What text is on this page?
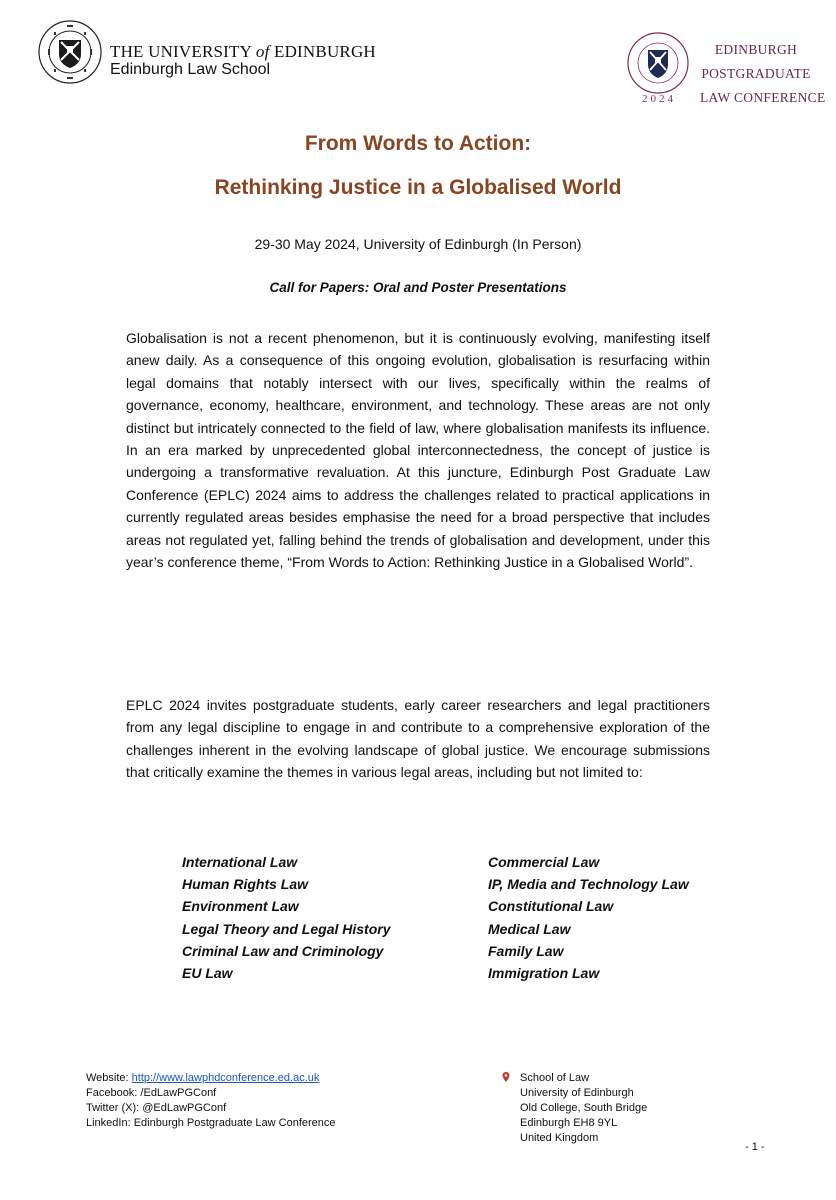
THE UNIVERSITY of EDINBURGH
Edinburgh Law School
2024
EDINBURGH
POSTGRADUATE
LAW CONFERENCE
From Words to Action:
Rethinking Justice in a Globalised World
29-30 May 2024, University of Edinburgh (In Person)
Call for Papers: Oral and Poster Presentations
Globalisation is not a recent phenomenon, but it is continuously evolving, manifesting itself anew daily. As a consequence of this ongoing evolution, globalisation is resurfacing within legal domains that notably intersect with our lives, specifically within the realms of governance, economy, healthcare, environment, and technology. These areas are not only distinct but intricately connected to the field of law, where globalisation manifests its influence. In an era marked by unprecedented global interconnectedness, the concept of justice is undergoing a transformative revaluation. At this juncture, Edinburgh Post Graduate Law Conference (EPLC) 2024 aims to address the challenges related to practical applications in currently regulated areas besides emphasise the need for a broad perspective that includes areas not regulated yet, falling behind the trends of globalisation and development, under this year’s conference theme, “From Words to Action: Rethinking Justice in a Globalised World”.
EPLC 2024 invites postgraduate students, early career researchers and legal practitioners from any legal discipline to engage in and contribute to a comprehensive exploration of the challenges inherent in the evolving landscape of global justice. We encourage submissions that critically examine the themes in various legal areas, including but not limited to:
International Law
Human Rights Law
Environment Law
Legal Theory and Legal History
Criminal Law and Criminology
EU Law
Commercial Law
IP, Media and Technology Law
Constitutional Law
Medical Law
Family Law
Immigration Law
Website: http://www.lawphdconference.ed.ac.uk
Facebook: /EdLawPGConf
Twitter (X): @EdLawPGConf
LinkedIn: Edinburgh Postgraduate Law Conference
School of Law
University of Edinburgh
Old College, South Bridge
Edinburgh EH8 9YL
United Kingdom
- 1 -
